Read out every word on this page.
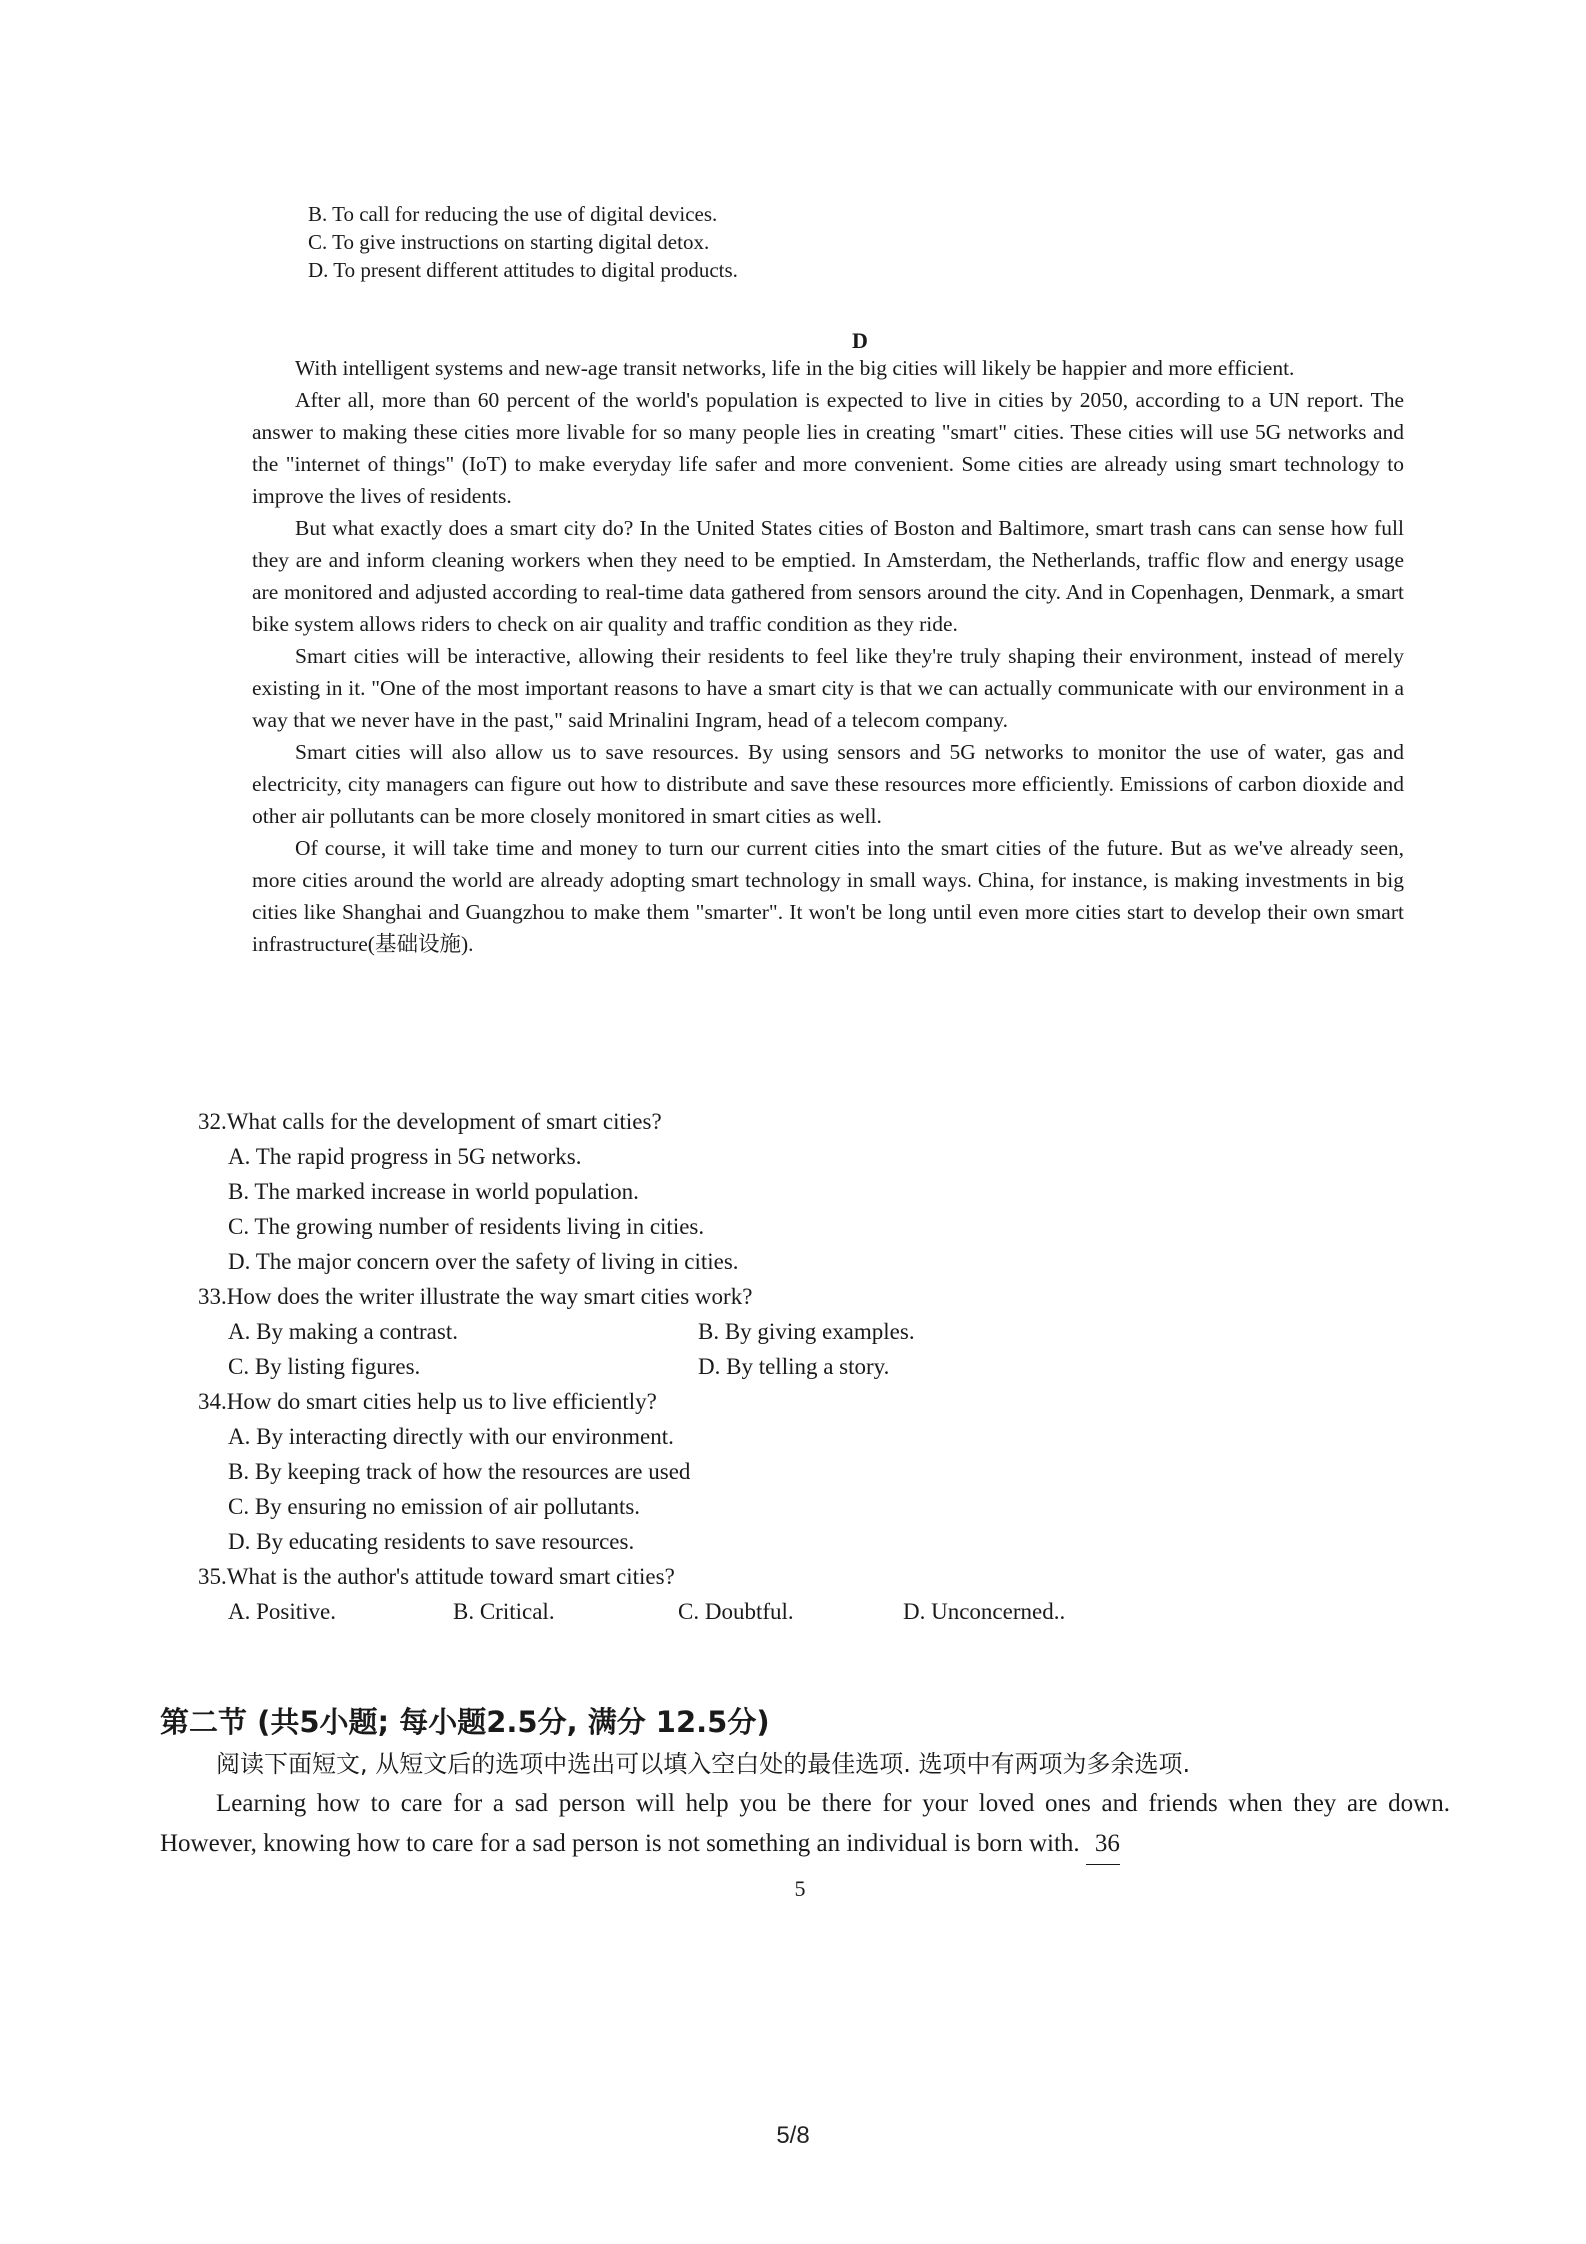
B. To call for reducing the use of digital devices.
C. To give instructions on starting digital detox.
D. To present different attitudes to digital products.
D

With intelligent systems and new-age transit networks, life in the big cities will likely be happier and more efficient.

After all, more than 60 percent of the world's population is expected to live in cities by 2050, according to a UN report. The answer to making these cities more livable for so many people lies in creating "smart" cities. These cities will use 5G networks and the "internet of things" (IoT) to make everyday life safer and more convenient. Some cities are already using smart technology to improve the lives of residents.

But what exactly does a smart city do? In the United States cities of Boston and Baltimore, smart trash cans can sense how full they are and inform cleaning workers when they need to be emptied. In Amsterdam, the Netherlands, traffic flow and energy usage are monitored and adjusted according to real-time data gathered from sensors around the city. And in Copenhagen, Denmark, a smart bike system allows riders to check on air quality and traffic condition as they ride.

Smart cities will be interactive, allowing their residents to feel like they're truly shaping their environment, instead of merely existing in it. "One of the most important reasons to have a smart city is that we can actually communicate with our environment in a way that we never have in the past," said Mrinalini Ingram, head of a telecom company.

Smart cities will also allow us to save resources. By using sensors and 5G networks to monitor the use of water, gas and electricity, city managers can figure out how to distribute and save these resources more efficiently. Emissions of carbon dioxide and other air pollutants can be more closely monitored in smart cities as well.

Of course, it will take time and money to turn our current cities into the smart cities of the future. But as we've already seen, more cities around the world are already adopting smart technology in small ways. China, for instance, is making investments in big cities like Shanghai and Guangzhou to make them "smarter". It won't be long until even more cities start to develop their own smart infrastructure(基础设施).

32.What calls for the development of smart cities?
A. The rapid progress in 5G networks.
B. The marked increase in world population.
C. The growing number of residents living in cities.
D. The major concern over the safety of living in cities.
33.How does the writer illustrate the way smart cities work?
A. By making a contrast.	B. By giving examples.
C. By listing figures.	D. By telling a story.
34.How do smart cities help us to live efficiently?
A. By interacting directly with our environment.
B. By keeping track of how the resources are used
C. By ensuring no emission of air pollutants.
D. By educating residents to save resources.
35.What is the author's attitude toward smart cities?
A. Positive.	B. Critical.	C. Doubtful.	D. Unconcerned..
第二节 (共5小题; 每小题2.5分, 满分 12.5分)
阅读下面短文, 从短文后的选项中选出可以填入空白处的最佳选项. 选项中有两项为多余选项.

Learning how to care for a sad person will help you be there for your loved ones and friends when they are down. However, knowing how to care for a sad person is not something an individual is born with. 36

5
5/8
